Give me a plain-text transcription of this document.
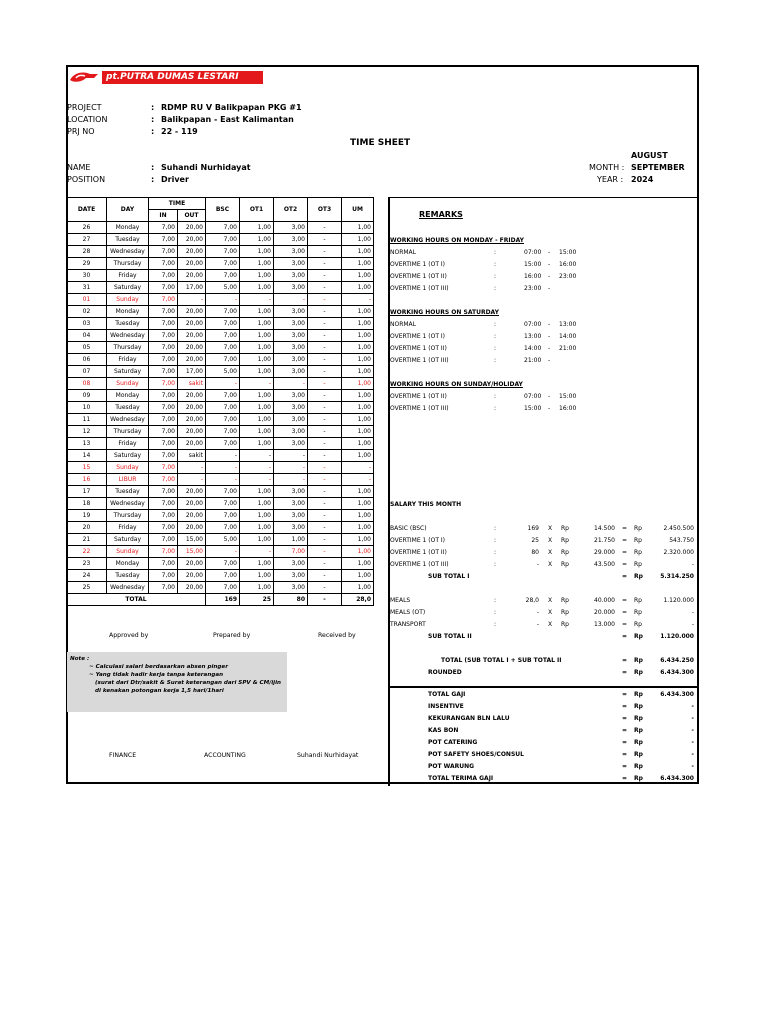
pt.PUTRA DUMAS LESTARI
PROJECT	: RDMP RU V Balikpapan PKG #1
LOCATION	: Balikpapan - East Kalimantan
PRJ NO	: 22 - 119
TIME SHEET
NAME	: Suhandi Nurhidayat
POSITION	: Driver
AUGUST
MONTH : SEPTEMBER
YEAR : 2024
DATE	DAY	TIME		BSC	OT1	OT2	OT3	UM
		IN	OUT					
26	Monday	7,00	20,00	7,00	1,00	3,00	-	1,00
27	Tuesday	7,00	20,00	7,00	1,00	3,00	-	1,00
28	Wednesday	7,00	20,00	7,00	1,00	3,00	-	1,00
29	Thursday	7,00	20,00	7,00	1,00	3,00	-	1,00
30	Friday	7,00	20,00	7,00	1,00	3,00	-	1,00
31	Saturday	7,00	17,00	5,00	1,00	3,00	-	1,00
01	Sunday	7,00	-	-	-	-	-	-
02	Monday	7,00	20,00	7,00	1,00	3,00	-	1,00
03	Tuesday	7,00	20,00	7,00	1,00	3,00	-	1,00
04	Wednesday	7,00	20,00	7,00	1,00	3,00	-	1,00
05	Thursday	7,00	20,00	7,00	1,00	3,00	-	1,00
06	Friday	7,00	20,00	7,00	1,00	3,00	-	1,00
07	Saturday	7,00	17,00	5,00	1,00	3,00	-	1,00
08	Sunday	7,00	sakit	-	-	-	-	1,00
09	Monday	7,00	20,00	7,00	1,00	3,00	-	1,00
10	Tuesday	7,00	20,00	7,00	1,00	3,00	-	1,00
11	Wednesday	7,00	20,00	7,00	1,00	3,00	-	1,00
12	Thursday	7,00	20,00	7,00	1,00	3,00	-	1,00
13	Friday	7,00	20,00	7,00	1,00	3,00	-	1,00
14	Saturday	7,00	sakit	-	-	-	-	1,00
15	Sunday	7,00	-	-	-	-	-	-
16	LIBUR	7,00	-	-	-	-	-	-
17	Tuesday	7,00	20,00	7,00	1,00	3,00	-	1,00
18	Wednesday	7,00	20,00	7,00	1,00	3,00	-	1,00
19	Thursday	7,00	20,00	7,00	1,00	3,00	-	1,00
20	Friday	7,00	20,00	7,00	1,00	3,00	-	1,00
21	Saturday	7,00	15,00	5,00	1,00	1,00	-	1,00
22	Sunday	7,00	15,00	-	-	7,00	-	1,00
23	Monday	7,00	20,00	7,00	1,00	3,00	-	1,00
24	Tuesday	7,00	20,00	7,00	1,00	3,00	-	1,00
25	Wednesday	7,00	20,00	7,00	1,00	3,00	-	1,00
TOTAL				169	25	80	-	28,0
REMARKS
WORKING HOURS ON MONDAY - FRIDAY
NORMAL	:	07:00 - 15:00
OVERTIME 1 (OT I)	:	15:00 - 16:00
OVERTIME 1 (OT II)	:	16:00 - 23:00
OVERTIME 1 (OT III)	:	23:00 -
WORKING HOURS ON SATURDAY
NORMAL	:	07:00 - 13:00
OVERTIME 1 (OT I)	:	13:00 - 14:00
OVERTIME 1 (OT II)	:	14:00 - 21:00
OVERTIME 1 (OT III)	:	21:00 -
WORKING HOURS ON SUNDAY/HOLIDAY
OVERTIME 1 (OT II)	:	07:00 - 15:00
OVERTIME 1 (OT III)	:	15:00 - 16:00
SALARY THIS MONTH
BASIC (BSC)	:	169 X Rp	14.500 = Rp	2.450.500
OVERTIME 1 (OT I)	:	25 X Rp	21.750 = Rp	543.750
OVERTIME 1 (OT II)	:	80 X Rp	29.000 = Rp	2.320.000
OVERTIME 1 (OT III)	:	- X Rp	43.500 = Rp	-
SUB TOTAL I	= Rp	5.314.250
MEALS	:	28,0 X Rp	40.000 = Rp	1.120.000
MEALS (OT)	:	- X Rp	20.000 = Rp	-
TRANSPORT	:	- X Rp	13.000 = Rp	-
SUB TOTAL II	= Rp	1.120.000
TOTAL (SUB TOTAL I + SUB TOTAL II	= Rp	6.434.250
ROUNDED	= Rp	6.434.300
Approved by	Prepared by	Received by
Note :
~ Calculasi salari berdasarkan absen pinger
~ Yang tidak hadir kerja tanpa keterangan
(surat dari Dtr/sakit & Surat keterangan dari SPV & CM/ijin
di kenakan potongan kerja 1,5 hari/1hari
FINANCE	ACCOUNTING	Suhandi Nurhidayat
TOTAL GAJI	= Rp	6.434.300
INSENTIVE	= Rp	-
KEKURANGAN BLN LALU	= Rp	-
KAS BON	= Rp	-
POT CATERING	= Rp	-
POT SAFETY SHOES/CONSUL	= Rp	-
POT WARUNG	= Rp	-
TOTAL TERIMA GAJI	= Rp	6.434.300
